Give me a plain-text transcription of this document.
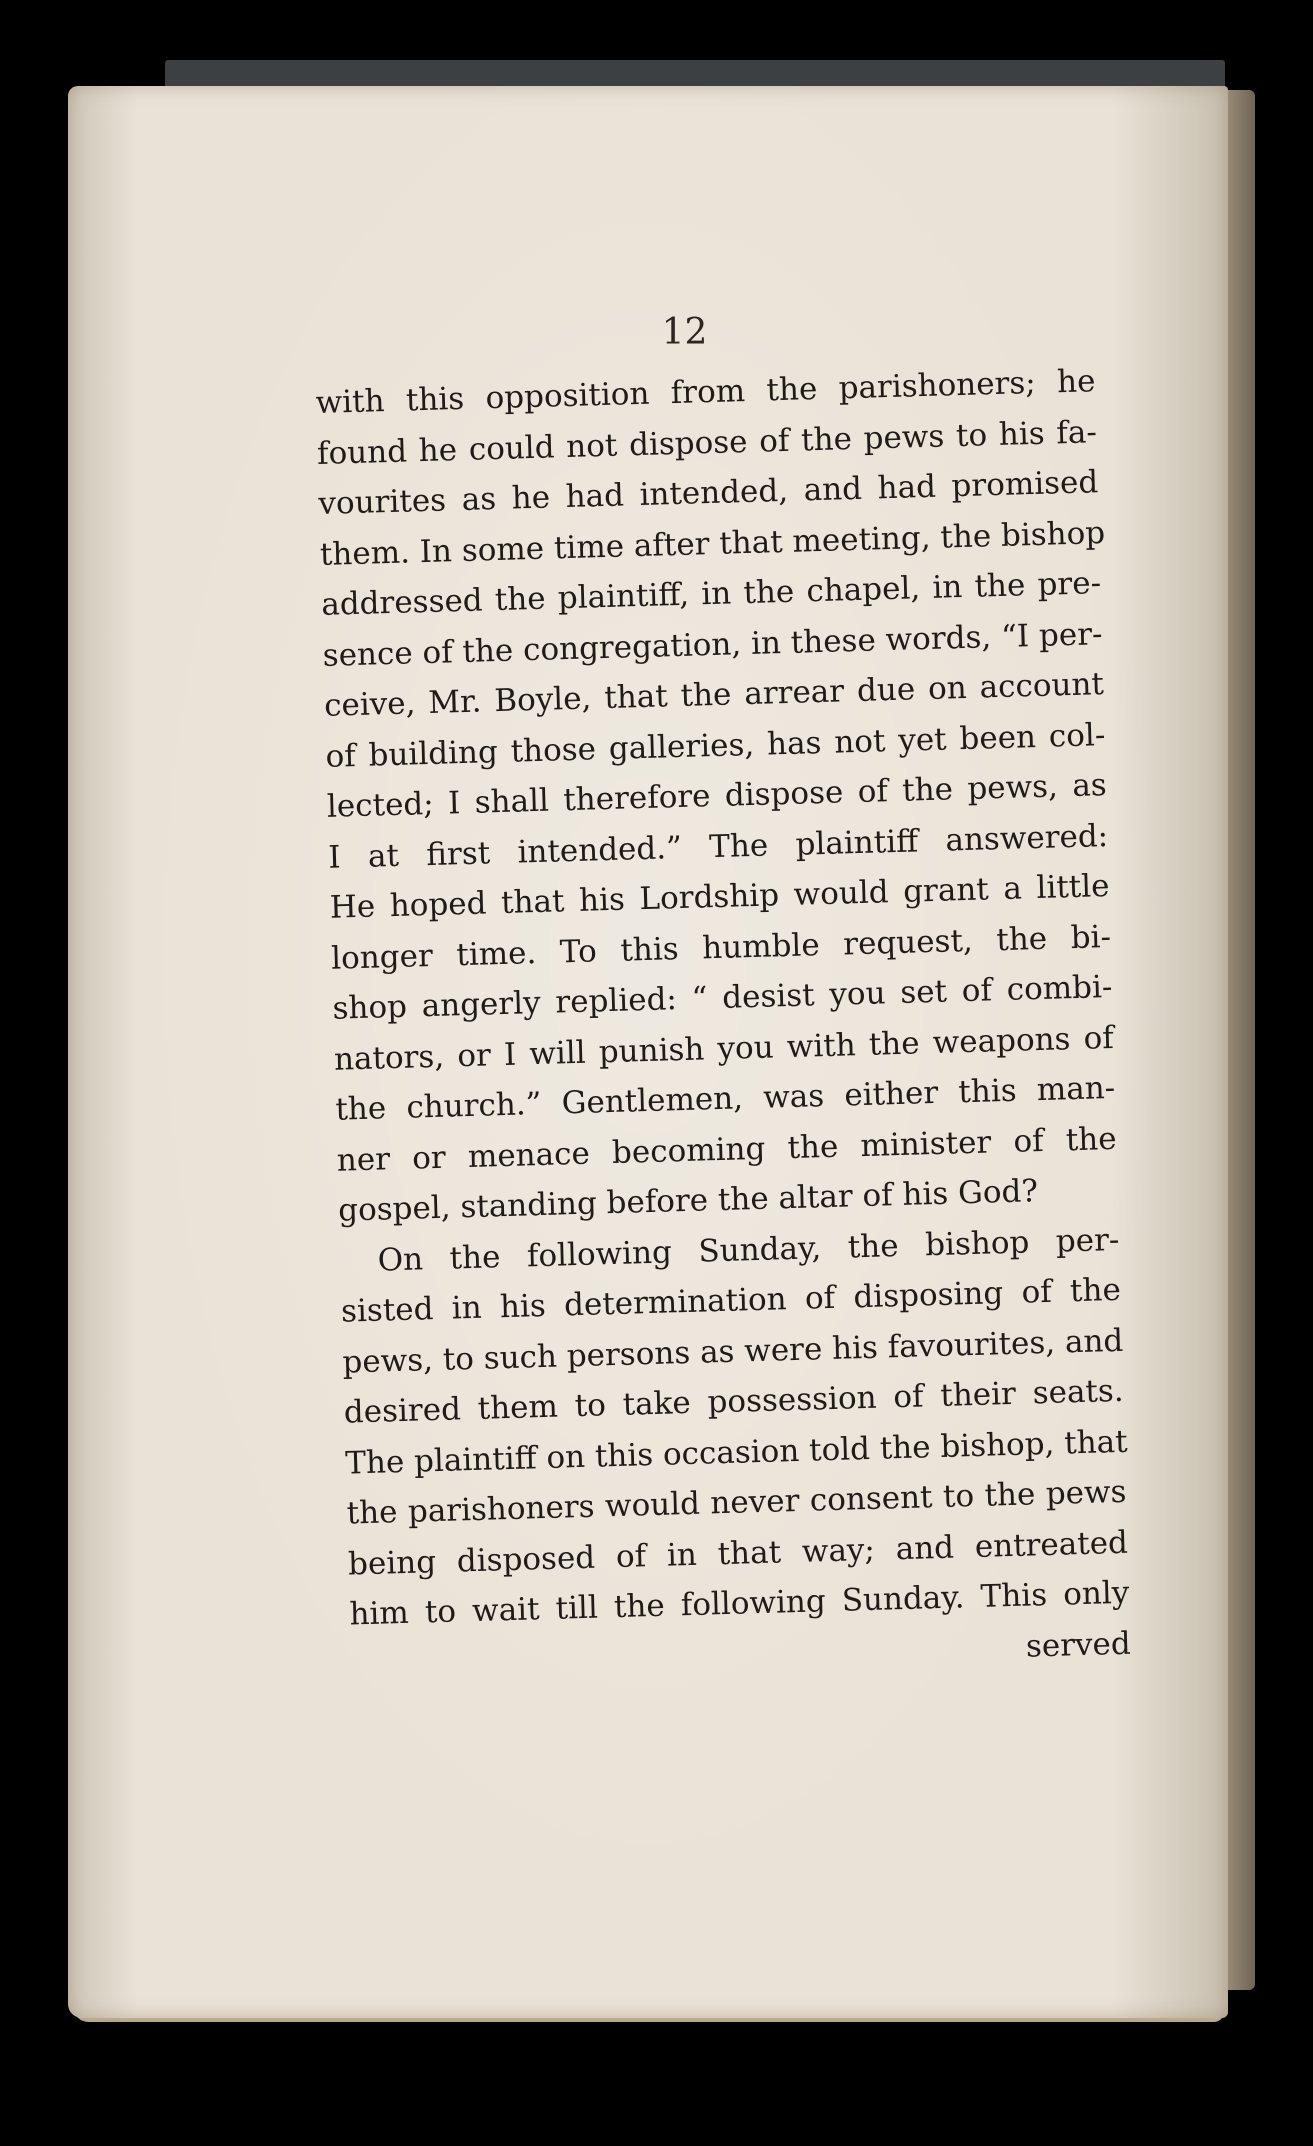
12
with this opposition from the parishoners; he
found he could not dispose of the pews to his fa-
vourites as he had intended, and had promised
them. In some time after that meeting, the bishop
addressed the plaintiff, in the chapel, in the pre-
sence of the congregation, in these words, “I per-
ceive, Mr. Boyle, that the arrear due on account
of building those galleries, has not yet been col-
lected; I shall therefore dispose of the pews, as
I at first intended.” The plaintiff answered:
He hoped that his Lordship would grant a little
longer time. To this humble request, the bi-
shop angerly replied: “ desist you set of combi-
nators, or I will punish you with the weapons of
the church.” Gentlemen, was either this man-
ner or menace becoming the minister of the
gospel, standing before the altar of his God?
On the following Sunday, the bishop per-
sisted in his determination of disposing of the
pews, to such persons as were his favourites, and
desired them to take possession of their seats.
The plaintiff on this occasion told the bishop, that
the parishoners would never consent to the pews
being disposed of in that way; and entreated
him to wait till the following Sunday. This only
served
